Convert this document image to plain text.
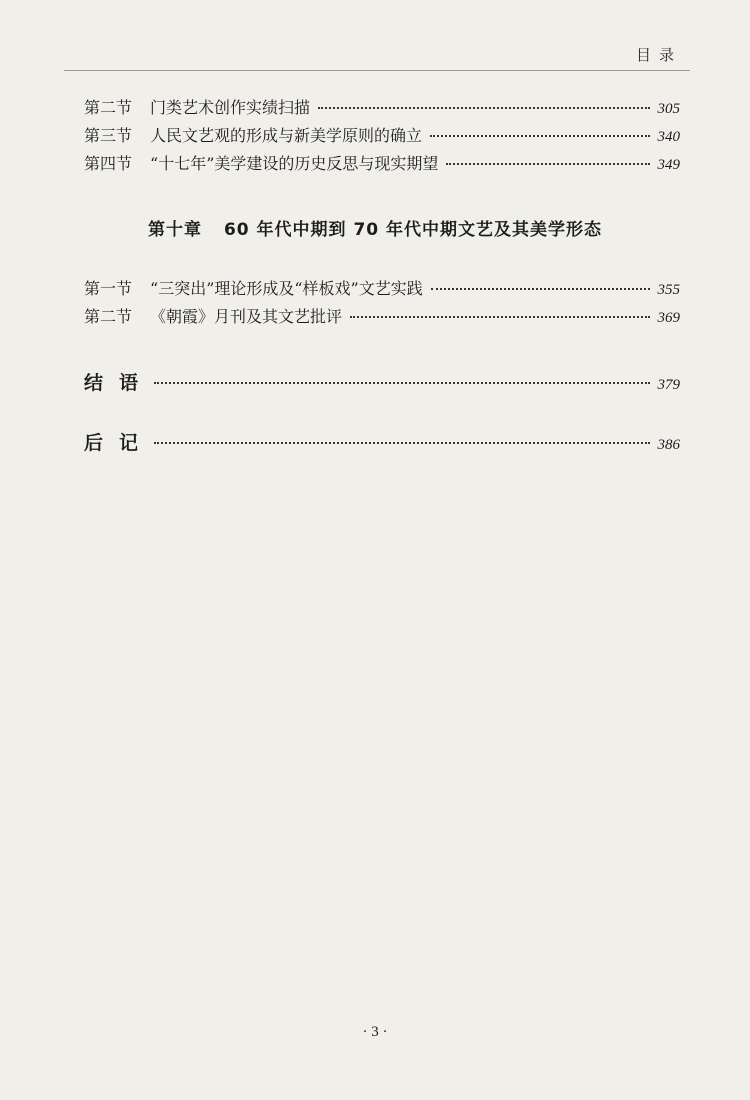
目录
第二节 门类艺术创作实绩扫描	305
第三节 人民文艺观的形成与新美学原则的确立	340
第四节 “十七年”美学建设的历史反思与现实期望	349
第十章 60 年代中期到 70 年代中期文艺及其美学形态
第一节 “三突出”理论形成及“样板戏”文艺实践	355
第二节 《朝霞》月刊及其文艺批评	369
结语	379
后记	386
· 3 ·
